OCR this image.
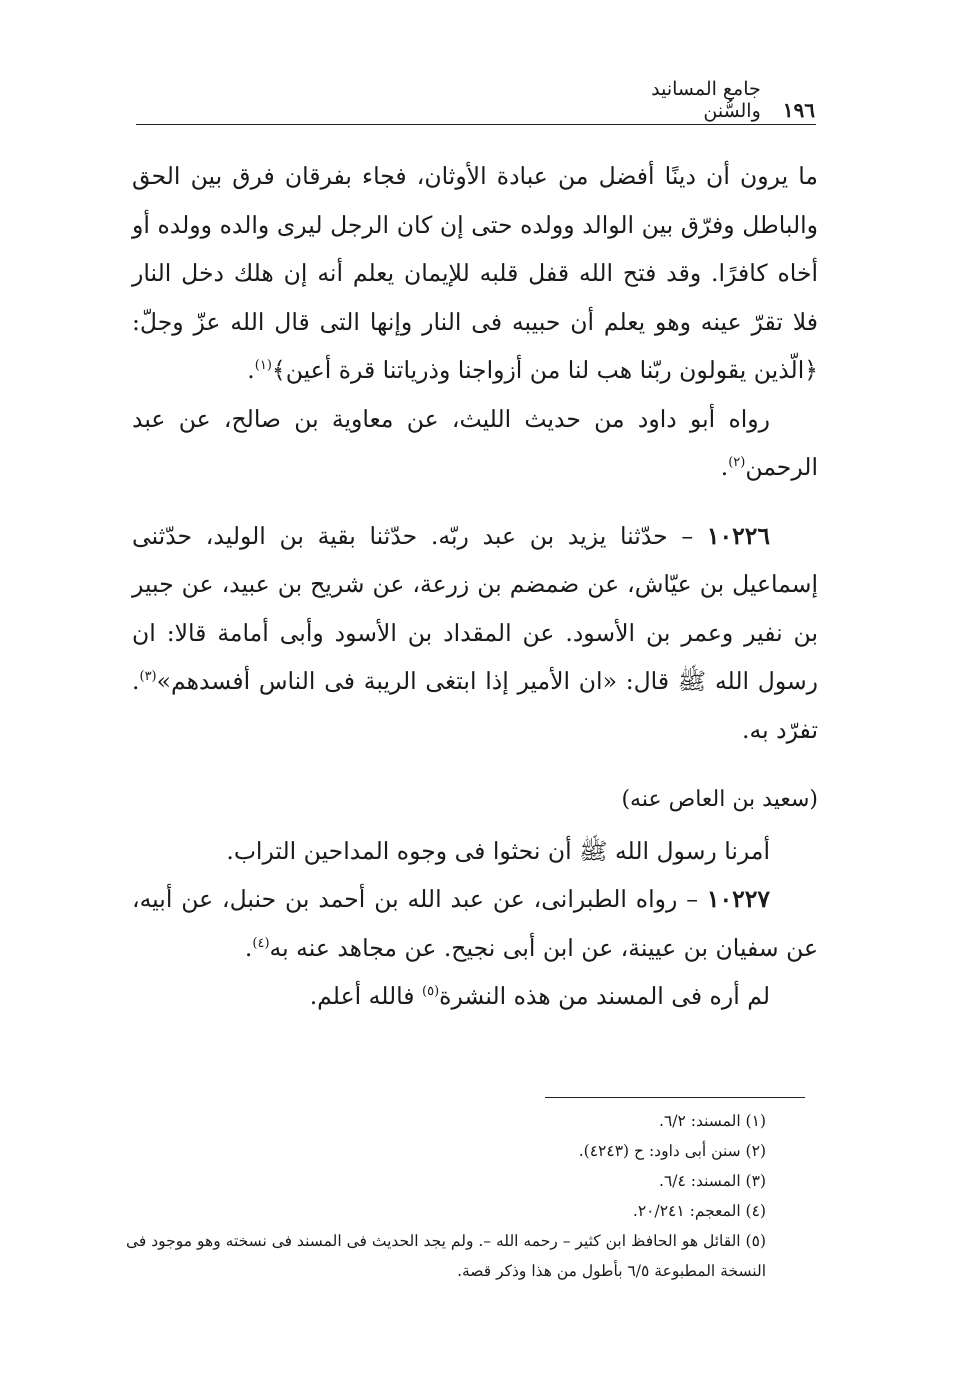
١٩٦
جامع المسانيد والسُّنن

ما يرون أن دينًا أفضل من عبادة الأوثان، فجاء بفرقان فرق بين الحق والباطل وفرّق بين الوالد وولده حتى إن كان الرجل ليرى والده وولده أو أخاه كافرًا. وقد فتح الله قفل قلبه للإيمان يعلم أنه إن هلك دخل النار فلا تقرّ عينه وهو يعلم أن حبيبه فى النار وإنها التى قال الله عزّ وجلّ: ﴿الّذين يقولون ربّنا هب لنا من أزواجنا وذرياتنا قرة أعين﴾$^{(١)}$.

رواه أبو داود من حديث الليث، عن معاوية بن صالح، عن عبد الرحمن$^{(٢)}$.

١٠٢٢٦ – حدّثنا يزيد بن عبد ربّه. حدّثنا بقية بن الوليد، حدّثنى إسماعيل بن عيّاش، عن ضمضم بن زرعة، عن شريح بن عبيد، عن جبير بن نفير وعمر بن الأسود. عن المقداد بن الأسود وأبى أمامة قالا: ان رسول الله ﷺ قال: «ان الأمير إذا ابتغى الريبة فى الناس أفسدهم»$^{(٣)}$. تفرّد به.

(سعيد بن العاص عنه)

أمرنا رسول الله ﷺ أن نحثوا فى وجوه المداحين التراب.

١٠٢٢٧ – رواه الطبرانى، عن عبد الله بن أحمد بن حنبل، عن أبيه، عن سفيان بن عيينة، عن ابن أبى نجيح. عن مجاهد عنه به$^{(٤)}$.

لم أره فى المسند من هذه النشرة$^{(٥)}$ فالله أعلم.

(١) المسند: ٦/٢.

(٢) سنن أبى داود: ح (٤٢٤٣).

(٣) المسند: ٦/٤.

(٤) المعجم: ٢٠/٢٤١.

(٥) القائل هو الحافظ ابن كثير – رحمه الله –. ولم يجد الحديث فى المسند فى نسخته وهو موجود فى النسخة المطبوعة ٦/٥ بأطول من هذا وذكر قصة.
